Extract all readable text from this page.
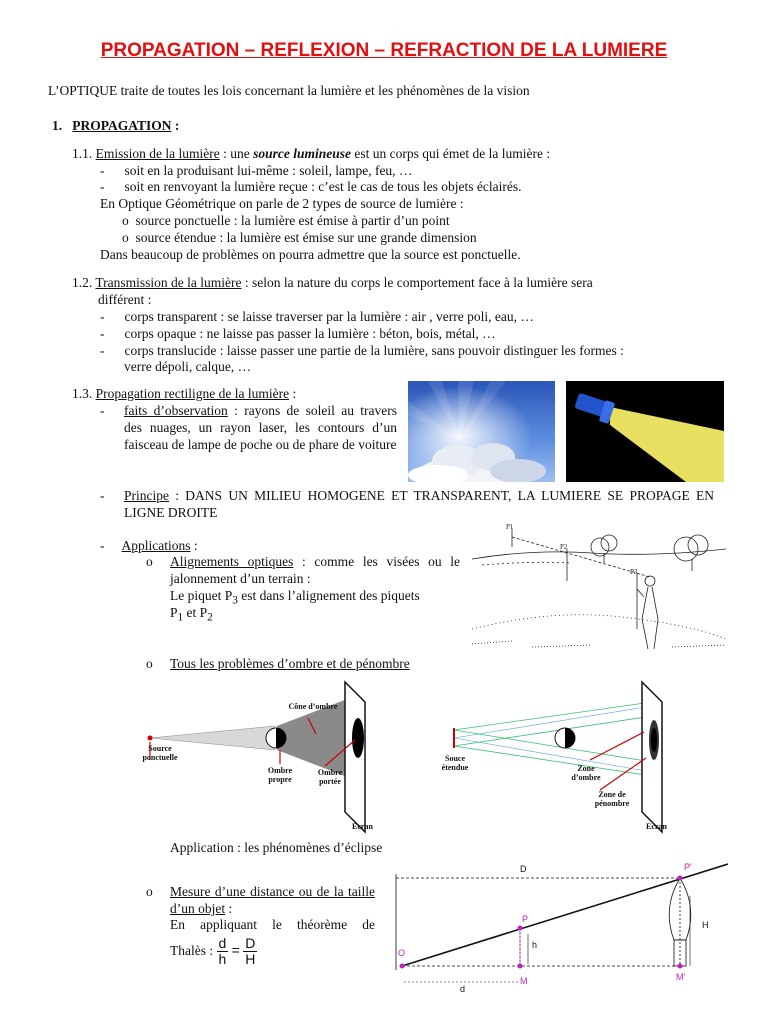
PROPAGATION – REFLEXION – REFRACTION DE LA LUMIERE
L’OPTIQUE traite de toutes les lois concernant la lumière et les phénomènes de la vision
1. PROPAGATION :
1.1. Emission de la lumière : une source lumineuse est un corps qui émet de la lumière :
- soit en la produisant lui-même : soleil, lampe, feu, …
- soit en renvoyant la lumière reçue : c’est le cas de tous les objets éclairés.
En Optique Géométrique on parle de 2 types de source de lumière :
o  source ponctuelle : la lumière est émise à partir d’un point
o  source étendue : la lumière est émise sur une grande dimension
Dans beaucoup de problèmes on pourra admettre que la source est ponctuelle.
1.2. Transmission de la lumière : selon la nature du corps le comportement face à la lumière sera
différent :
- corps transparent : se laisse traverser par la lumière : air , verre poli, eau, …
- corps opaque : ne laisse pas passer la lumière : béton, bois, métal, …
- corps translucide : laisse passer une partie de la lumière, sans pouvoir distinguer les formes :
verre dépoli, calque, …
1.3. Propagation rectiligne de la lumière :
- faits d’observation : rayons de soleil au travers des nuages, un rayon laser, les contours d’un faisceau de lampe de poche ou de phare de voiture
- Principe : DANS UN MILIEU HOMOGENE ET TRANSPARENT, LA LUMIERE SE PROPAGE EN LIGNE DROITE
- Applications :
o Alignements optiques : comme les visées ou le jalonnement d’un terrain :
Le piquet $P_3$ est dans l’alignement des piquets
$P_1$ et $P_2$
P1
P2
P3
o Tous les problèmes d’ombre et de pénombre
Cône d’ombre
Source ponctuelle
Ombre propre
Ombre portée
Ecran
Souce étendue	Zone d’ombre
Zone de pénombre
Ecran
Application : les phénomènes d’éclipse
o Mesure d’une distance ou de la taille d’un objet :
En appliquant le théorème de
Thalès : $\frac{d}{h} = \frac{D}{H}$
D	P'
P
h
H
O
d
M	M'
